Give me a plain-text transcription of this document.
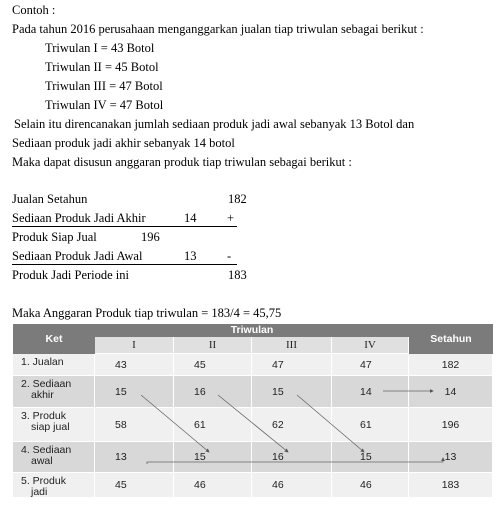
Contoh :
Pada tahun 2016 perusahaan menganggarkan jualan tiap triwulan sebagai berikut :
Triwulan I = 43 Botol
Triwulan II = 45 Botol
Triwulan III = 47 Botol
Triwulan IV = 47 Botol
Selain itu direncanakan jumlah sediaan produk jadi awal sebanyak 13 Botol dan
Sediaan produk jadi akhir sebanyak 14 botol
Maka dapat disusun anggaran produk tiap triwulan sebagai berikut :
Jualan Setahun	182
Sediaan Produk Jadi Akhir	14 +
Produk Siap Jual	196
Sediaan Produk Jadi Awal	13 -
Produk Jadi Periode ini	183
Maka Anggaran Produk tiap triwulan = 183/4 = 45,75
Ket
Triwulan
Setahun
I	II	III	IV
1. Jualan	43	45	47	47	182
2. Sediaan
akhir	15	16	15	14	14
3. Produk
siap jual	58	61	62	61	196
4. Sediaan
awal	13	15	16	15	13
5. Produk
jadi
45	46	46	46	183
